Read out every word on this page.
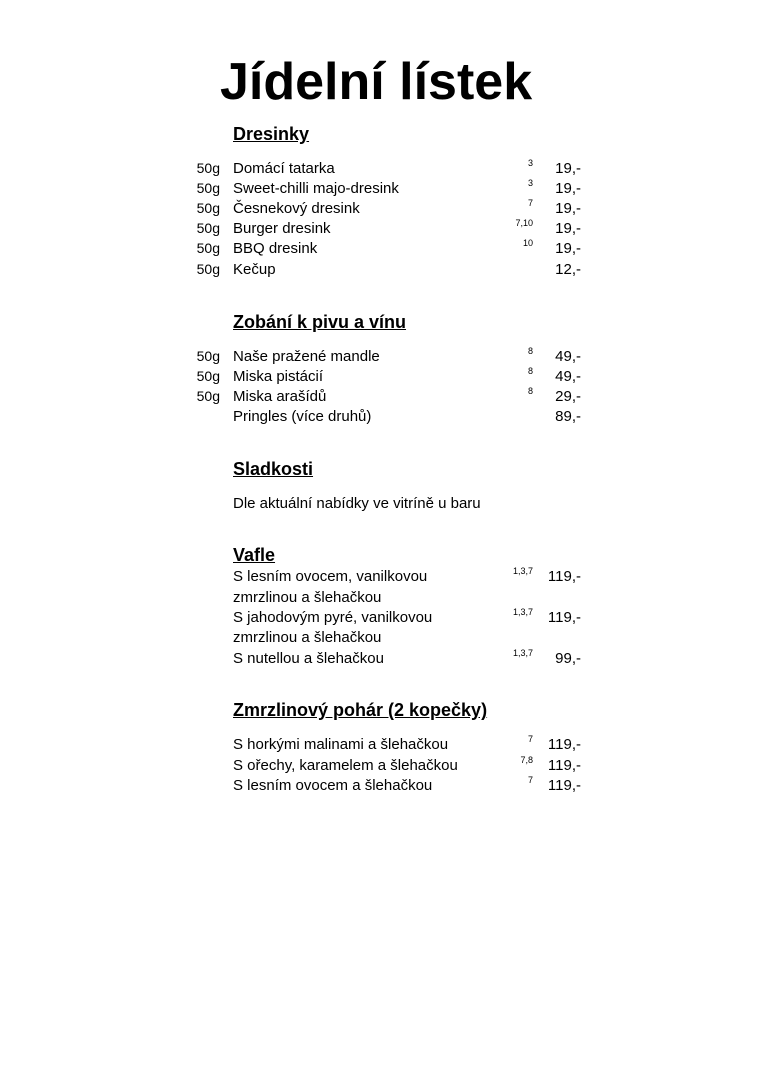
Jídelní lístek
Dresinky
50g Domácí tatarka	3	19,-
50g Sweet-chilli majo-dresink	3	19,-
50g Česnekový dresink	7	19,-
50g Burger dresink	7,10	19,-
50g BBQ dresink	10	19,-
50g Kečup	12,-
Zobání k pivu a vínu
50g Naše pražené mandle	8	49,-
50g Miska pistácií	8	49,-
50g Miska arašídů	8	29,-
Pringles (více druhů)	89,-
Sladkosti
Dle aktuální nabídky ve vitríně u baru
Vafle
S lesním ovocem, vanilkovou	1,3,7 119,-
zmrzlinou a šlehačkou
S jahodovým pyré, vanilkovou	1,3,7 119,-
zmrzlinou a šlehačkou
S nutellou a šlehačkou	1,3,7	99,-
Zmrzlinový pohár (2 kopečky)
S horkými malinami a šlehačkou	7 119,-
S ořechy, karamelem a šlehačkou	7,8 119,-
S lesním ovocem a šlehačkou	7 119,-
